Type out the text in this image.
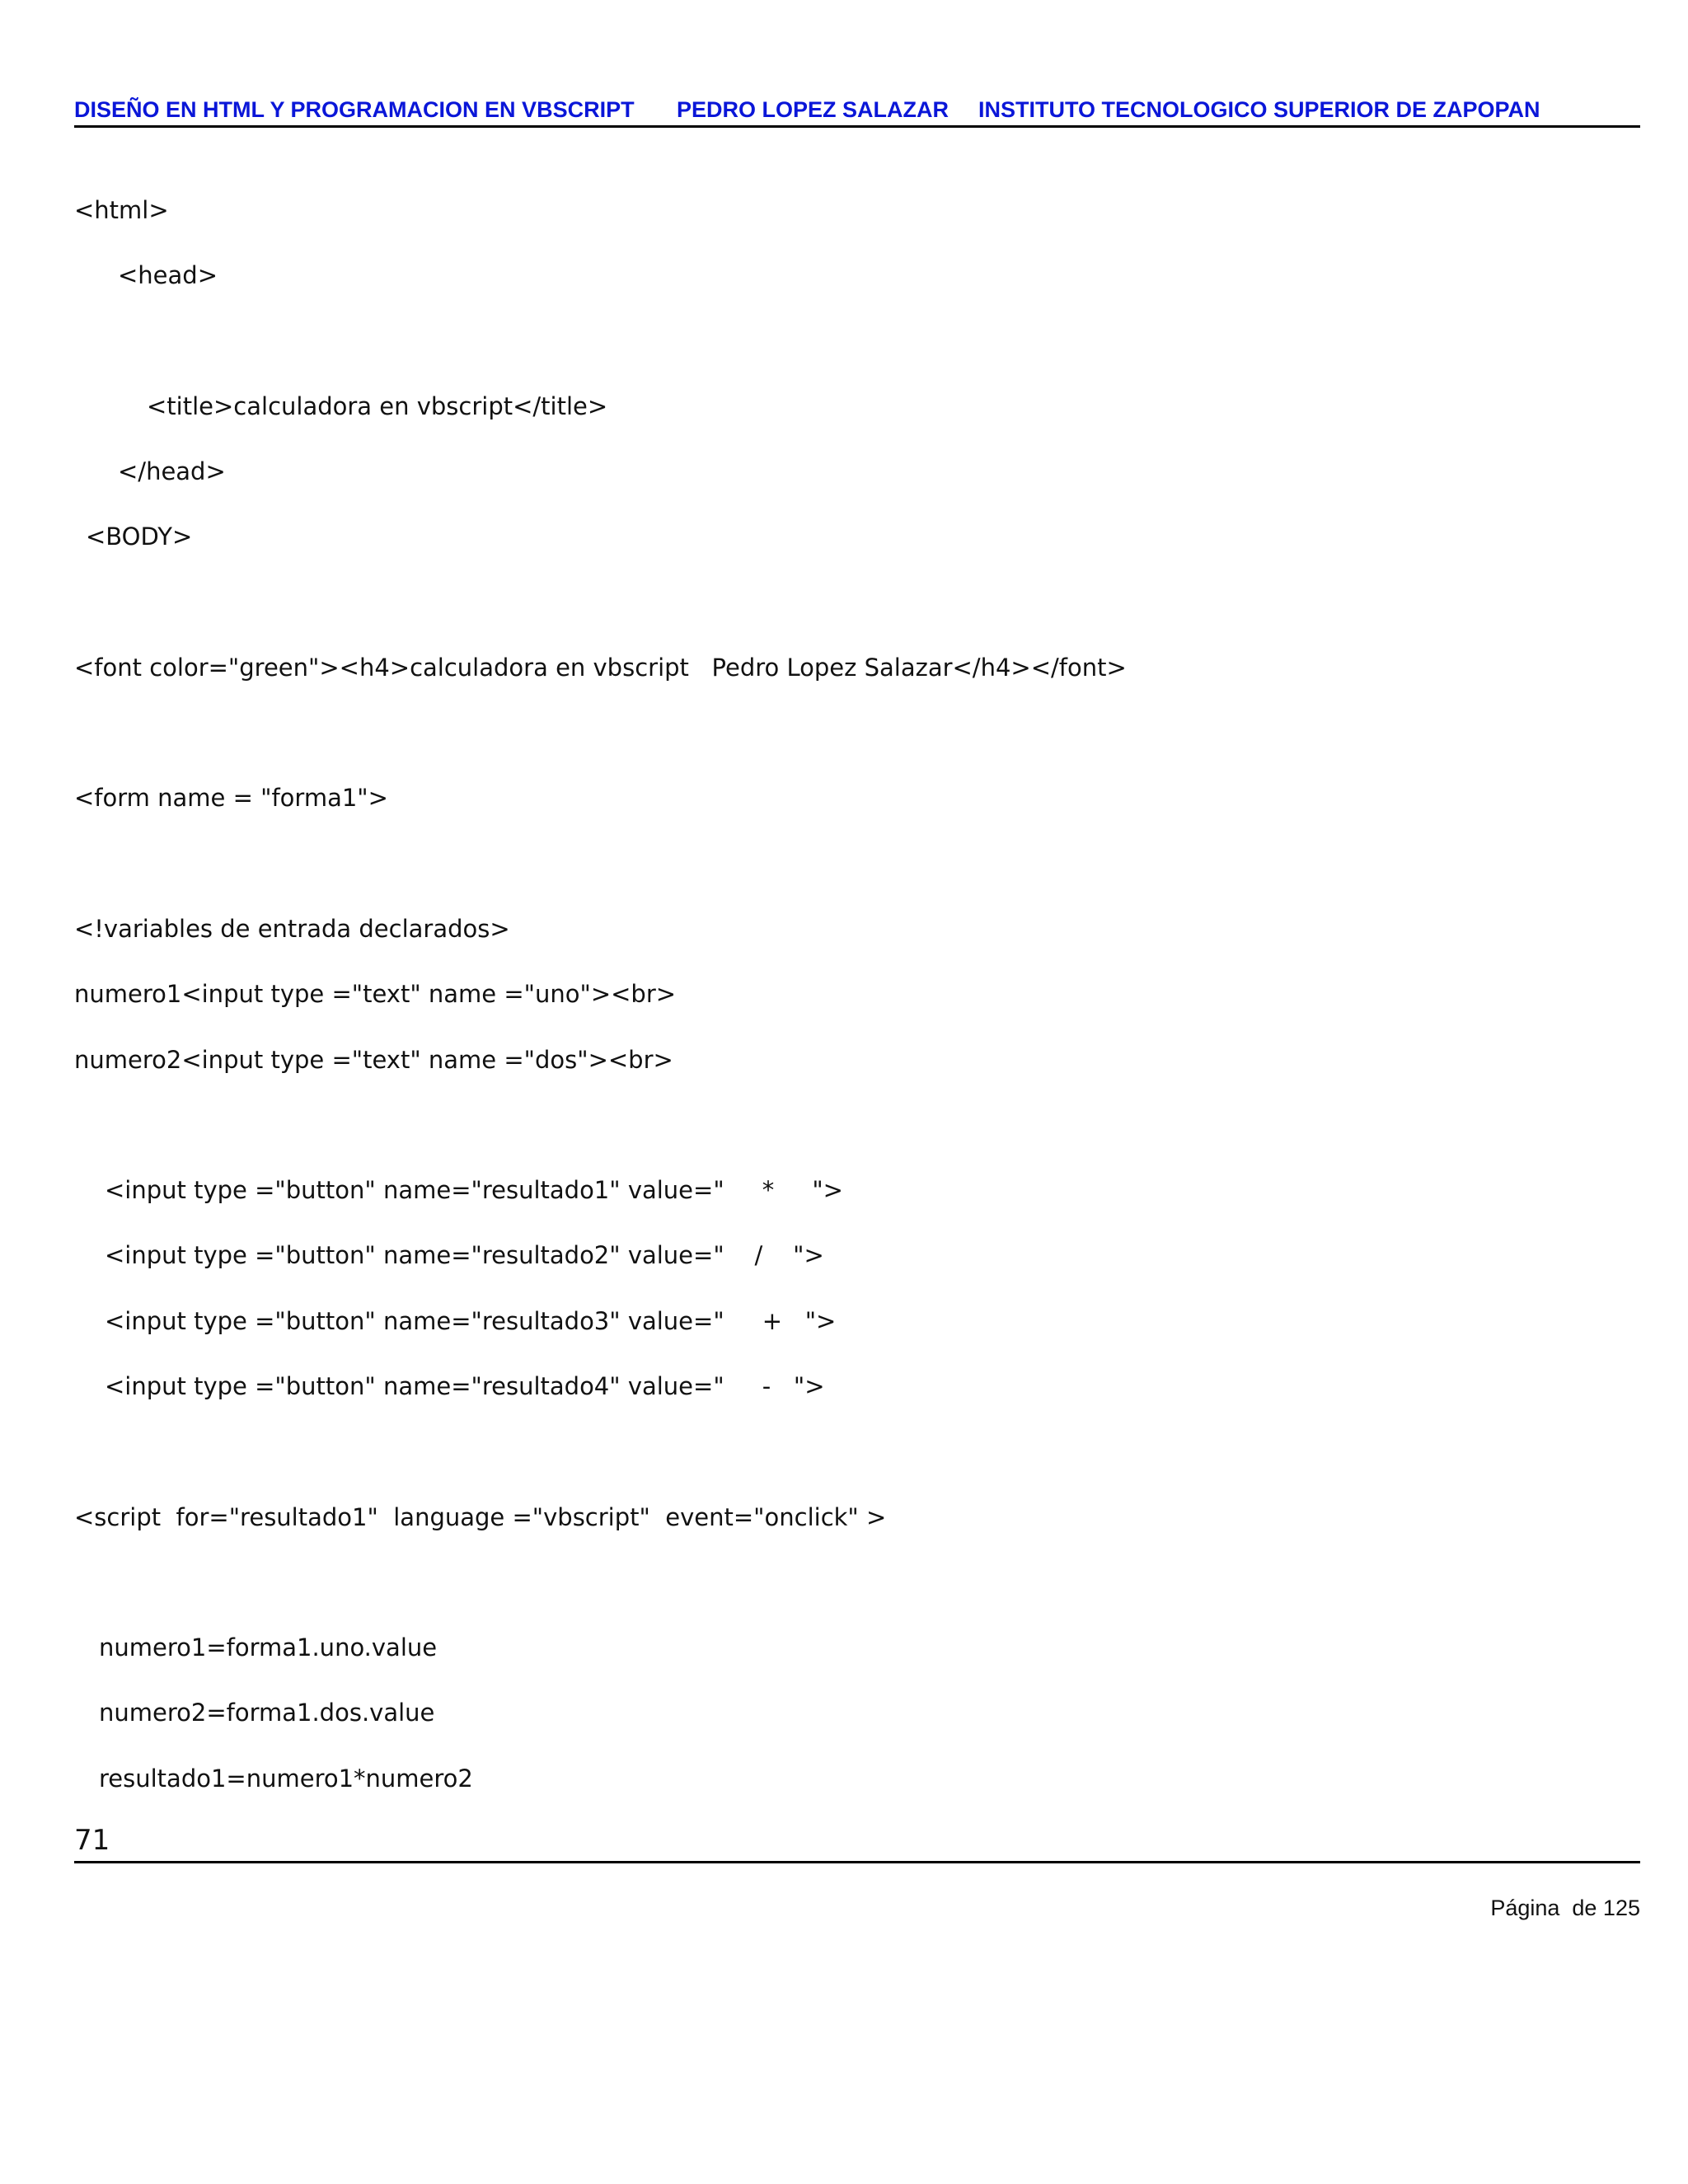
DISEÑO EN HTML Y PROGRAMACION EN VBSCRIPT PEDRO LOPEZ SALAZAR INSTITUTO TECNOLOGICO SUPERIOR DE ZAPOPAN
<html>
<head>
<title>calculadora en vbscript</title>
</head>
<BODY>
<font color="green"><h4>calculadora en vbscript   Pedro Lopez Salazar</h4></font>
<form name = "forma1">
<!variables de entrada declarados>
numero1<input type ="text" name ="uno"><br>
numero2<input type ="text" name ="dos"><br>
<input type ="button" name="resultado1" value="     *     ">
<input type ="button" name="resultado2" value="    /    ">
<input type ="button" name="resultado3" value="     +   ">
<input type ="button" name="resultado4" value="     -   ">
<script  for="resultado1"  language ="vbscript"  event="onclick" >
numero1=forma1.uno.value
numero2=forma1.dos.value
resultado1=numero1*numero2
71
Página  de 125
